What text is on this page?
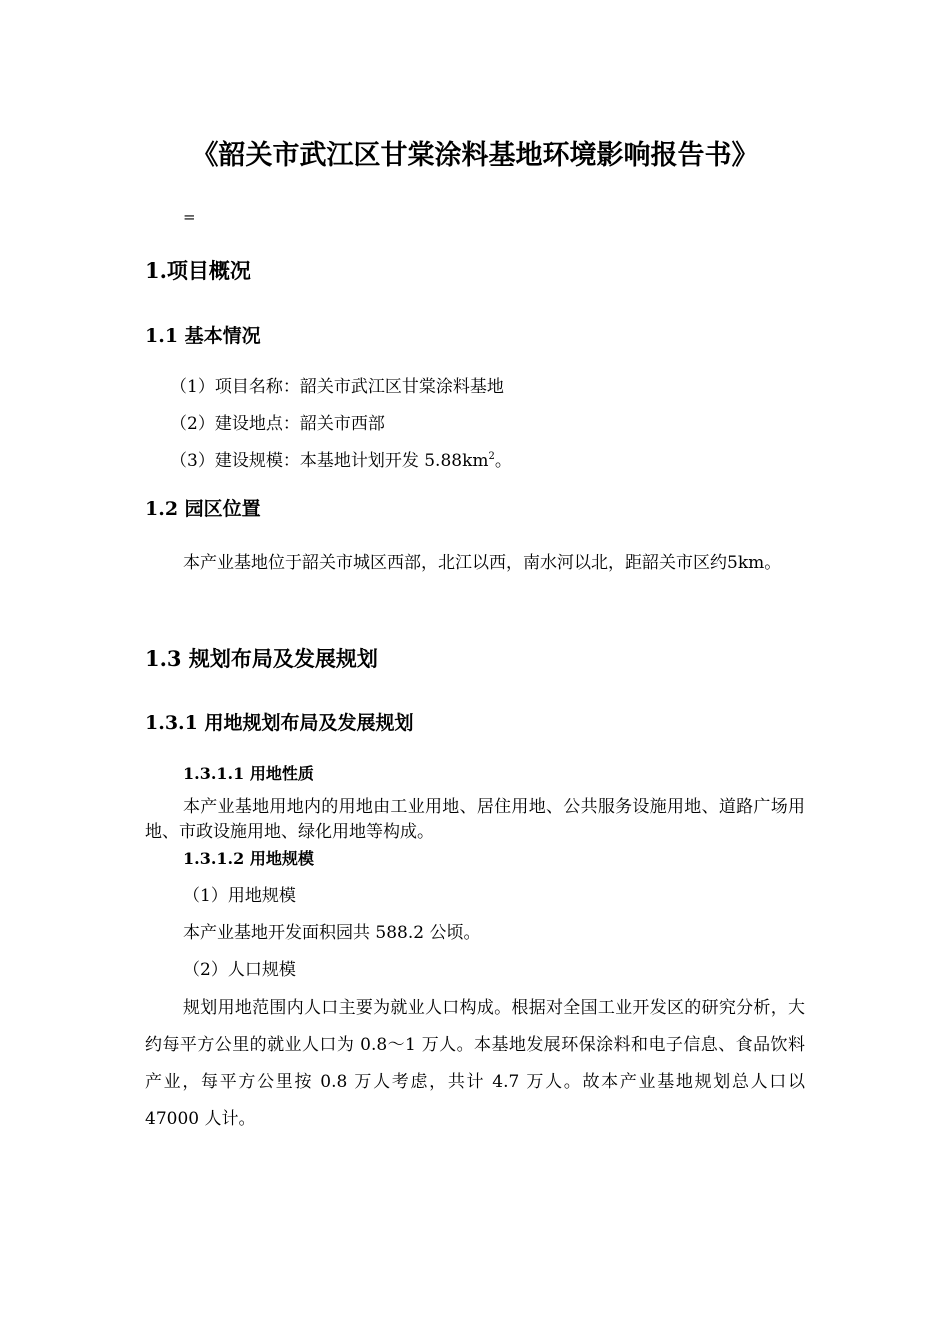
《韶关市武江区甘棠涂料基地环境影响报告书》
=
1.项目概况
1.1 基本情况
（1）项目名称：韶关市武江区甘棠涂料基地
（2）建设地点：韶关市西部
（3）建设规模：本基地计划开发 $5.88km^2$。
1.2 园区位置
本产业基地位于韶关市城区西部，北江以西，南水河以北，距韶关市区约5km。
1.3 规划布局及发展规划
1.3.1 用地规划布局及发展规划
1.3.1.1 用地性质
本产业基地用地内的用地由工业用地、居住用地、公共服务设施用地、道路广场用地、市政设施用地、绿化用地等构成。
1.3.1.2 用地规模
（1）用地规模
本产业基地开发面积园共 588.2 公顷。
（2）人口规模
规划用地范围内人口主要为就业人口构成。根据对全国工业开发区的研究分析，大约每平方公里的就业人口为 0.8～1 万人。本基地发展环保涂料和电子信息、食品饮料产业，每平方公里按 0.8 万人考虑，共计 4.7 万人。故本产业基地规划总人口以 47000 人计。
